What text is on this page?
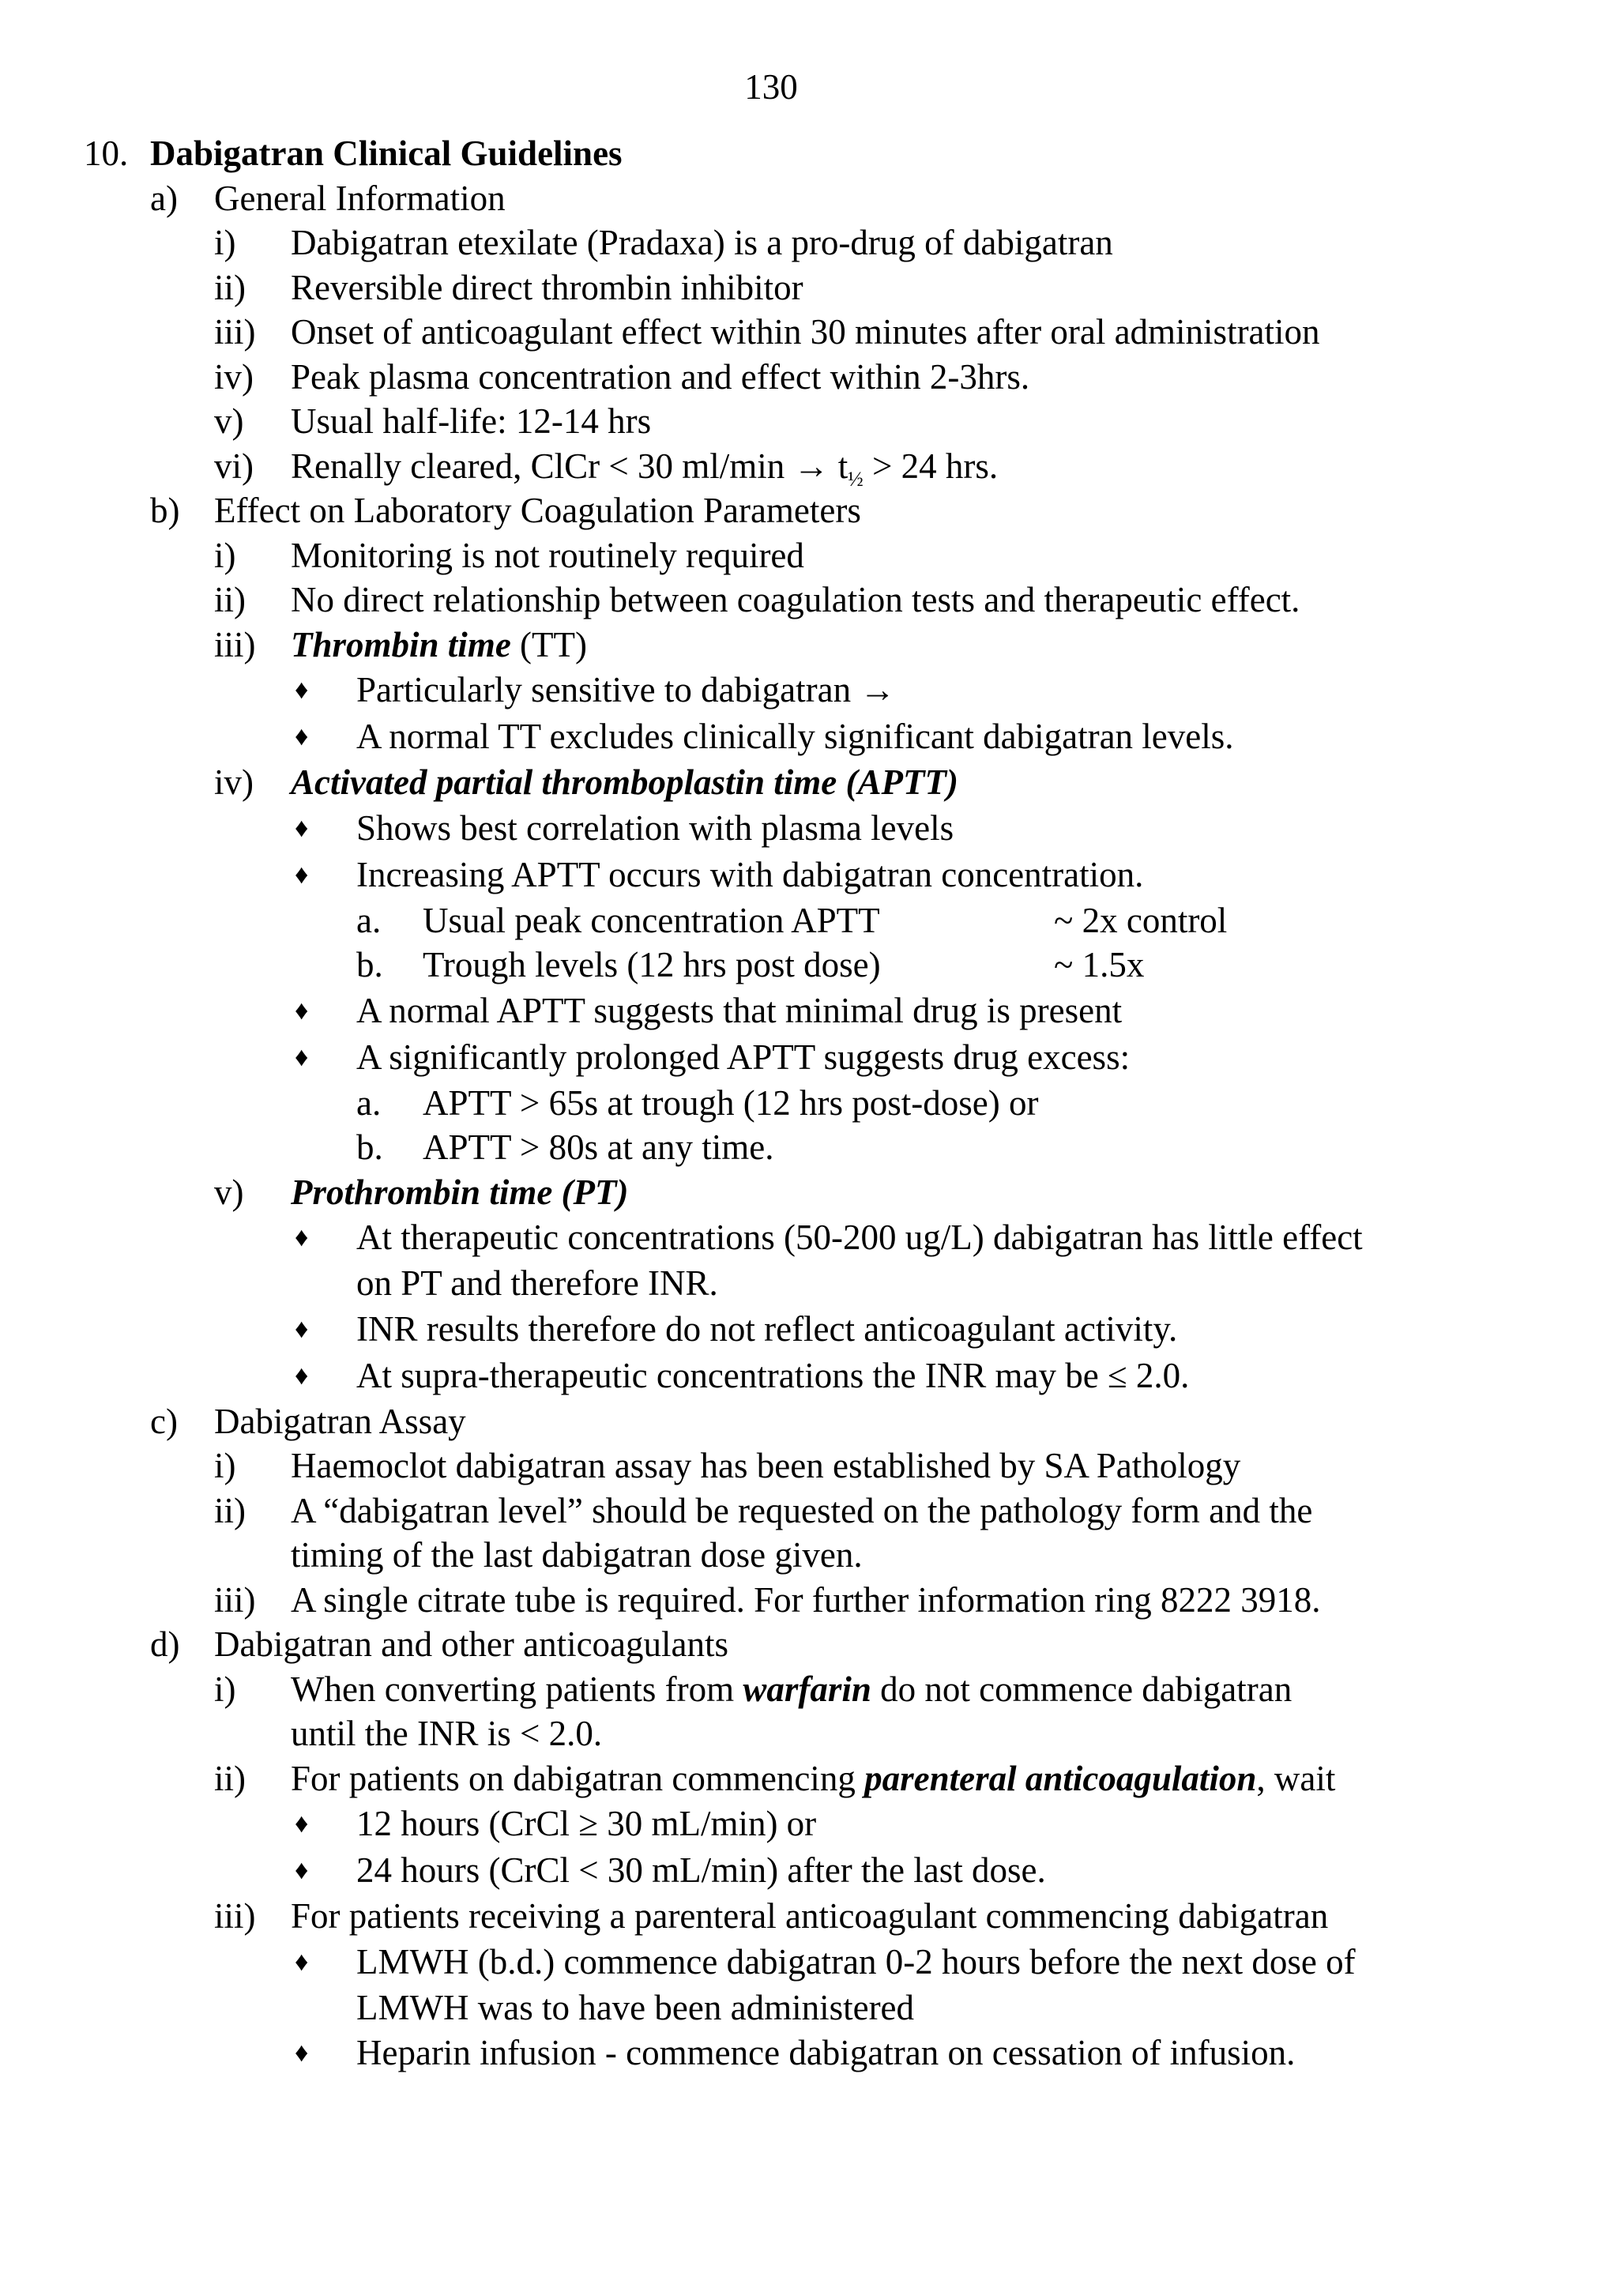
130
10. Dabigatran Clinical Guidelines
a) General Information
i) Dabigatran etexilate (Pradaxa) is a pro-drug of dabigatran
ii) Reversible direct thrombin inhibitor
iii) Onset of anticoagulant effect within 30 minutes after oral administration
iv) Peak plasma concentration and effect within 2-3hrs.
v) Usual half-life: 12-14 hrs
vi) Renally cleared, ClCr < 30 $ml/\min \to t_{\frac{1}{2}} > 24$ hrs.
b) Effect on Laboratory Coagulation Parameters
i) Monitoring is not routinely required
ii) No direct relationship between coagulation tests and therapeutic effect.
iii) Thrombin time (TT)
♦ Particularly sensitive to dabigatran →
♦ A normal TT excludes clinically significant dabigatran levels.
iv) Activated partial thromboplastin time (APTT)
♦ Shows best correlation with plasma levels
♦ Increasing APTT occurs with dabigatran concentration.
a. Usual peak concentration APTT	~ 2x control
b. Trough levels (12 hrs post dose)	~ 1.5x
♦ A normal APTT suggests that minimal drug is present
♦ A significantly prolonged APTT suggests drug excess:
a. APTT > 65s at trough (12 hrs post-dose) or
b. APTT > 80s at any time.
v) Prothrombin time (PT)
♦ At therapeutic concentrations (50-200 ug/L) dabigatran has little effect
on PT and therefore INR.
♦ INR results therefore do not reflect anticoagulant activity.
♦ At supra-therapeutic concentrations the INR may be ≤ 2.0.
c) Dabigatran Assay
i) Haemoclot dabigatran assay has been established by SA Pathology
ii) A “dabigatran level” should be requested on the pathology form and the
timing of the last dabigatran dose given.
iii) A single citrate tube is required. For further information ring 8222 3918.
d) Dabigatran and other anticoagulants
i) When converting patients from warfarin do not commence dabigatran
until the INR is < 2.0.
ii) For patients on dabigatran commencing parenteral anticoagulation, wait
♦ 12 hours (CrCl ≥ 30 mL/min) or
♦ 24 hours (CrCl < 30 mL/min) after the last dose.
iii) For patients receiving a parenteral anticoagulant commencing dabigatran
♦ LMWH (b.d.) commence dabigatran 0-2 hours before the next dose of
LMWH was to have been administered
♦ Heparin infusion - commence dabigatran on cessation of infusion.
